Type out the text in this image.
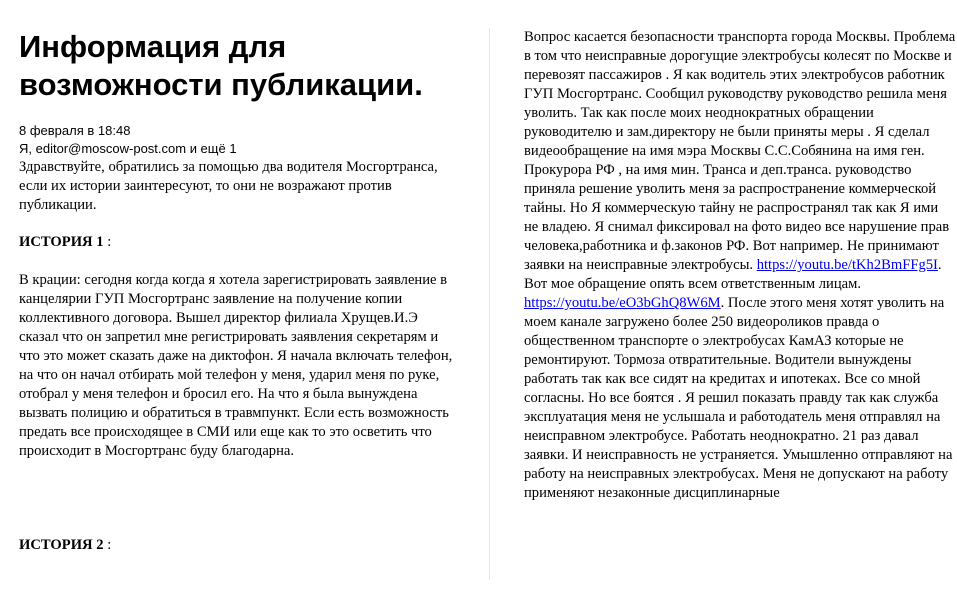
Информация для возможности публикации.
8 февраля в 18:48
Я, editor@moscow-post.com и ещё 1
Здравствуйте, обратились за помощью два водителя Мосгортранса, если их истории заинтересуют, то они не возражают против публикации.
ИСТОРИЯ 1 :
В крации: сегодня когда когда я хотела зарегистрировать заявление в канцелярии ГУП Мосгортранс заявление на получение копии коллективного договора. Вышел директор филиала Хрущев.И.Э сказал что он запретил мне регистрировать заявления секретарям и что это может сказать даже на диктофон. Я начала включать телефон, на что он начал отбирать мой телефон у меня, ударил меня по руке, отобрал у меня телефон и бросил его. На что я была вынуждена вызвать полицию и обратиться в травмпункт. Если есть возможность предать все происходящее в СМИ или еще как то это осветить что происходит в Мосгортранс буду благодарна.
ИСТОРИЯ 2 :
Вопрос касается безопасности транспорта города Москвы. Проблема в том что неисправные дорогущие электробусы колесят по Москве и перевозят пассажиров . Я как водитель этих электробусов работник ГУП Мосгортранс. Сообщил руководству руководство решила меня уволить. Так как после моих неоднократных обращении руководителю и зам.директору не были приняты меры . Я сделал видеообращение на имя мэра Москвы С.С.Собянина на имя ген. Прокурора РФ , на имя мин. Транса и деп.транса. руководство приняла решение уволить меня за распространение коммерческой тайны. Но Я коммерческую тайну не распространял так как Я ими не владею. Я снимал фиксировал на фото видео все нарушение прав человека,работника и ф.законов РФ. Вот например. Не принимают заявки на неисправные электробусы. https://youtu.be/tKh2BmFFg5I. Вот мое обращение опять всем ответственным лицам. https://youtu.be/eO3bGhQ8W6M. После этого меня хотят уволить на моем канале загружено более 250 видеороликов правда о общественном транспорте о электробусах КамАЗ которые не ремонтируют. Тормоза отвратительные. Водители вынуждены работать так как все сидят на кредитах и ипотеках. Все со мной согласны. Но все боятся . Я решил показать правду так как служба эксплуатация меня не услышала и работодатель меня отправлял на неисправном электробусе. Работать неоднократно. 21 раз давал заявки. И неисправность не устраняется. Умышленно отправляют на работу на неисправных электробусах. Меня не допускают на работу применяют незаконные дисциплинарные
